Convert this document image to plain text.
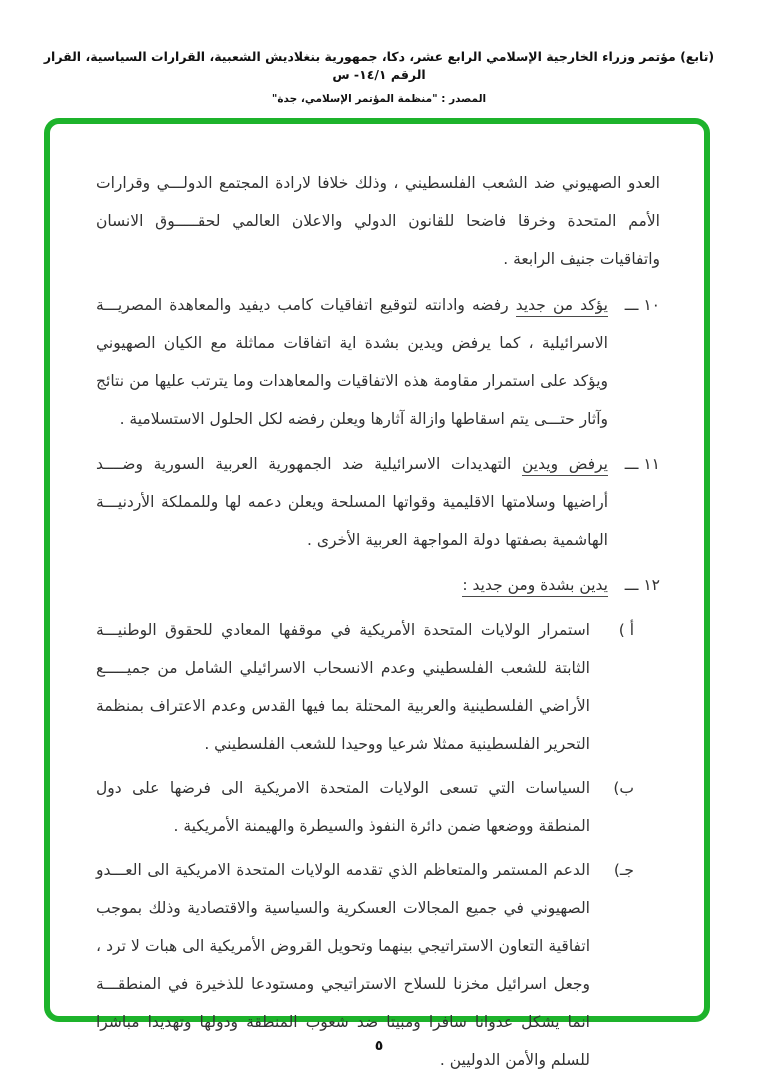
(تابع) مؤتمر وزراء الخارجية الإسلامي الرابع عشر، دكا، جمهورية بنغلاديش الشعبية، القرارات السياسية، القرار الرقم ١٤/١- س
المصدر : "منظمة المؤتمر الإسلامي، جدة"

العدو الصهيوني ضد الشعب الفلسطيني ، وذلك خلافا لارادة المجتمع الدولـــي وقرارات الأمم المتحدة وخرقا فاضحا للقانون الدولي والاعلان العالمي لحقـــــوق الانسان واتفاقيات جنيف الرابعة .

١٠ ـــ
يؤكد من جديد رفضه وادانته لتوقيع اتفاقيات كامب ديفيد والمعاهدة المصريـــة الاسرائيلية ، كما يرفض ويدين بشدة اية اتفاقات مماثلة مع الكيان الصهيوني ويؤكد على استمرار مقاومة هذه الاتفاقيات والمعاهدات وما يترتب عليها من نتائج وآثار حتـــى يتم اسقاطها وازالة آثارها ويعلن رفضه لكل الحلول الاستسلامية .
١١ ـــ
يرفض ويدين التهديدات الاسرائيلية ضد الجمهورية العربية السورية وضــــد أراضيها وسلامتها الاقليمية وقواتها المسلحة ويعلن دعمه لها وللمملكة الأردنيـــة الهاشمية بصفتها دولة المواجهة العربية الأخرى .
١٢ ـــ
يدين بشدة ومن جديد :
أ )
استمرار الولايات المتحدة الأمريكية في موقفها المعادي للحقوق الوطنيـــة الثابتة للشعب الفلسطيني وعدم الانسحاب الاسرائيلي الشامل من جميـــــع الأراضي الفلسطينية والعربية المحتلة بما فيها القدس وعدم الاعتراف بمنظمة التحرير الفلسطينية ممثلا شرعيا ووحيدا للشعب الفلسطيني .
ب)
السياسات التي تسعى الولايات المتحدة الامريكية الى فرضها على دول المنطقة ووضعها ضمن دائرة النفوذ والسيطرة والهيمنة الأمريكية .
جـ)
الدعم المستمر والمتعاظم الذي تقدمه الولايات المتحدة الامريكية الى العـــدو الصهيوني في جميع المجالات العسكرية والسياسية والاقتصادية وذلك بموجب اتفاقية التعاون الاستراتيجي بينهما وتحويل القروض الأمريكية الى هبات لا ترد ، وجعل اسرائيل مخزنا للسلاح الاستراتيجي ومستودعا للذخيرة في المنطقـــة انما يشكل عدوانا سافرا ومبيتا ضد شعوب المنطقة ودولها وتهديدا مباشرا للسلم والأمن الدوليين .
٥
